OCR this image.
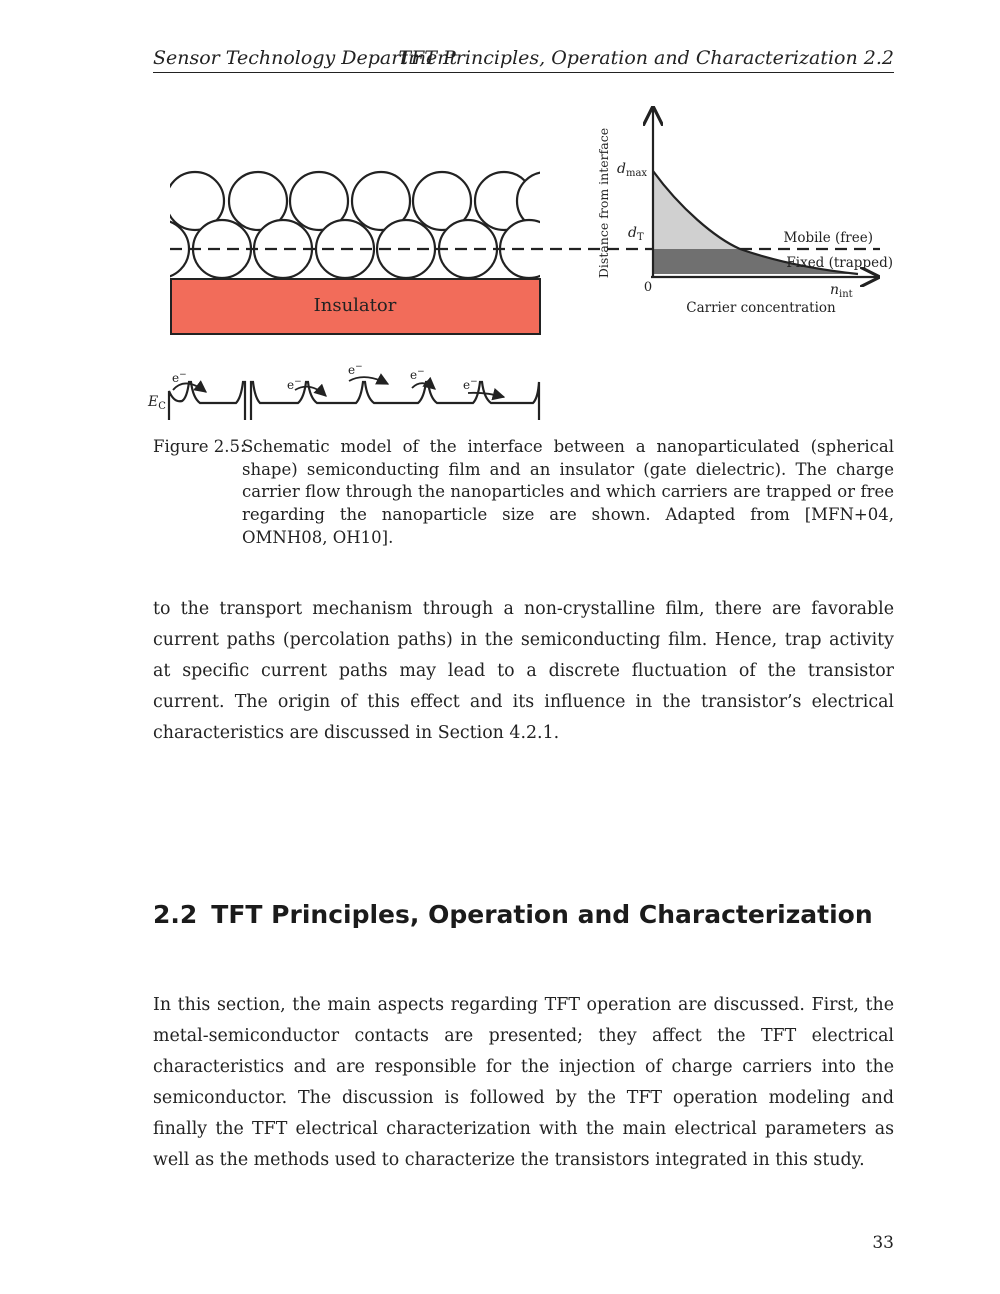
Sensor Technology Department
TFT Principles, Operation and Characterization 2.2
Insulator
Distance from interface
Carrier concentration
0
$d_{max}$
$d_T$
$n_{int}$
Mobile (free)
Fixed (trapped)
$E_C$
e−
e−
e−
e−
e−
Figure 2.5:
Schematic model of the interface between a nanoparticulated (spherical shape) semiconducting film and an insulator (gate dielectric). The charge carrier flow through the nanoparticles and which carriers are trapped or free regarding the nanoparticle size are shown. Adapted from [MFN+04, OMNH08, OH10].

to the transport mechanism through a non-crystalline film, there are favorable current paths (percolation paths) in the semiconducting film. Hence, trap activity at specific current paths may lead to a discrete fluctuation of the transistor current. The origin of this effect and its influence in the transistor’s electrical characteristics are discussed in Section 4.2.1.

2.2 TFT Principles, Operation and Characterization

In this section, the main aspects regarding TFT operation are discussed. First, the metal-semiconductor contacts are presented; they affect the TFT electrical characteristics and are responsible for the injection of charge carriers into the semiconductor. The discussion is followed by the TFT operation modeling and finally the TFT electrical characterization with the main electrical parameters as well as the methods used to characterize the transistors integrated in this study.

33
